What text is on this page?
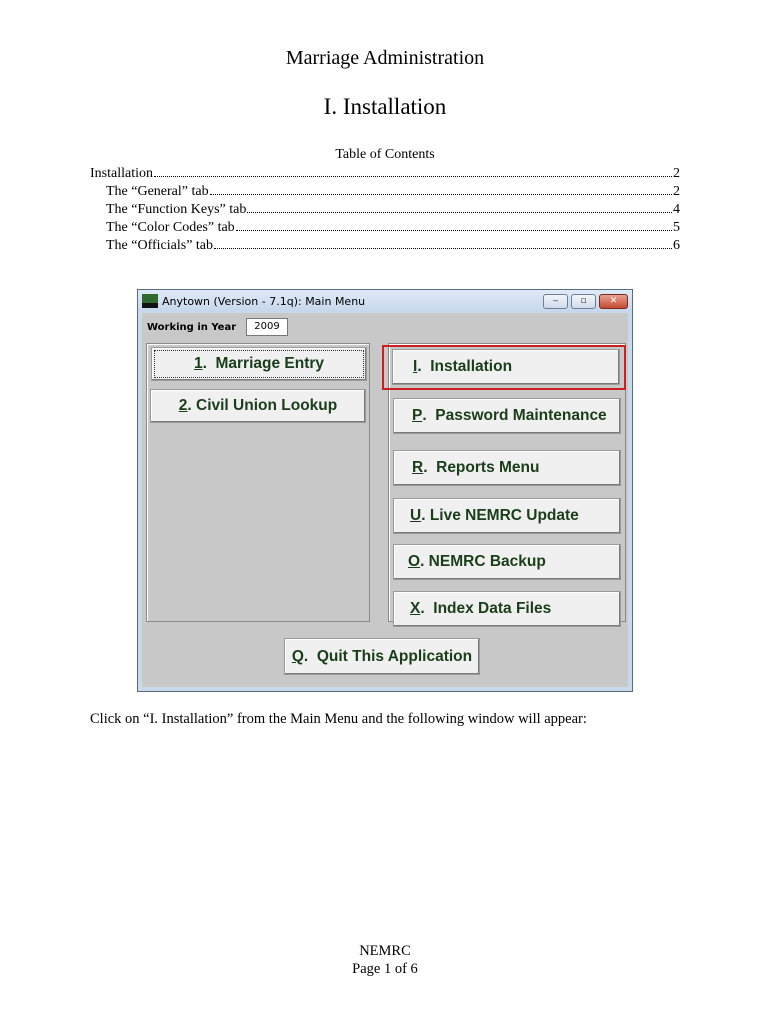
Marriage Administration
I. Installation
Table of Contents
Installation	2
The “General” tab	2
The “Function Keys” tab	4
The “Color Codes” tab	5
The “Officials” tab	6
Anytown (Version - 7.1q): Main Menu	‒	▫	✕
Working in Year	2009
1 .  Marriage Entry
2 . Civil Union Lookup
I .  Installation
P .  Password Maintenance
R .  Reports Menu
U . Live NEMRC Update
O . NEMRC Backup
X .  Index Data Files
Q .  Quit This Application
Click on “I. Installation” from the Main Menu and the following window will appear:
NEMRC
Page 1 of 6
